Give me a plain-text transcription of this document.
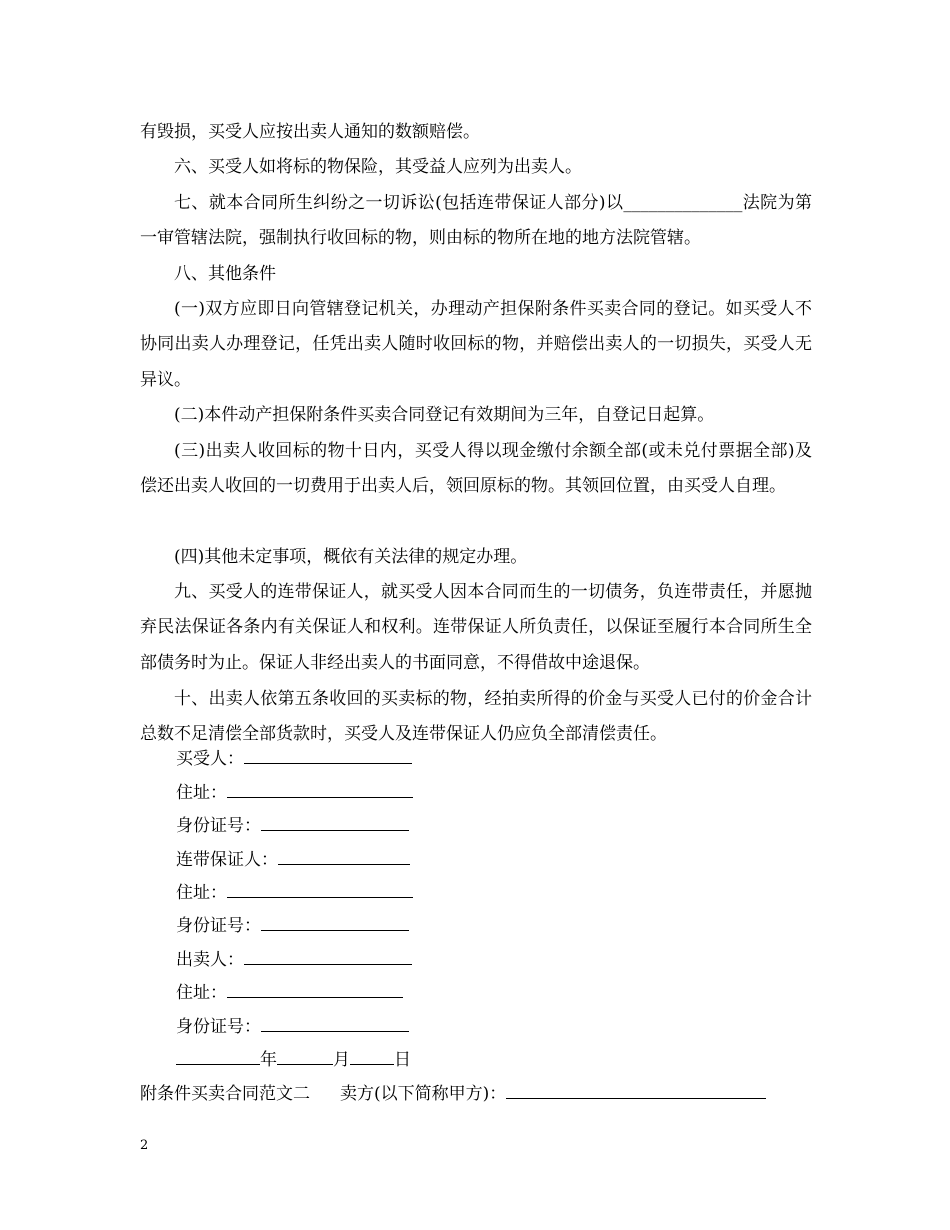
有毁损，买受人应按出卖人通知的数额赔偿。

六、买受人如将标的物保险，其受益人应列为出卖人。

七、就本合同所生纠纷之一切诉讼(包括连带保证人部分)以______________法院为第一审管辖法院，强制执行收回标的物，则由标的物所在地的地方法院管辖。

八、其他条件

(一)双方应即日向管辖登记机关，办理动产担保附条件买卖合同的登记。如买受人不协同出卖人办理登记，任凭出卖人随时收回标的物，并赔偿出卖人的一切损失，买受人无异议。

(二)本件动产担保附条件买卖合同登记有效期间为三年，自登记日起算。

(三)出卖人收回标的物十日内，买受人得以现金缴付余额全部(或未兑付票据全部)及偿还出卖人收回的一切费用于出卖人后，领回原标的物。其领回位置，由买受人自理。

(四)其他未定事项，概依有关法律的规定办理。

九、买受人的连带保证人，就买受人因本合同而生的一切债务，负连带责任，并愿抛弃民法保证各条内有关保证人和权利。连带保证人所负责任，以保证至履行本合同所生全部债务时为止。保证人非经出卖人的书面同意，不得借故中途退保。

十、出卖人依第五条收回的买卖标的物，经拍卖所得的价金与买受人已付的价金合计总数不足清偿全部货款时，买受人及连带保证人仍应负全部清偿责任。

买受人：
住址：
身份证号：
连带保证人：
住址：
身份证号：
出卖人：
住址：
身份证号：
年	月	日
附条件买卖合同范文二 卖方(以下简称甲方)：
2
